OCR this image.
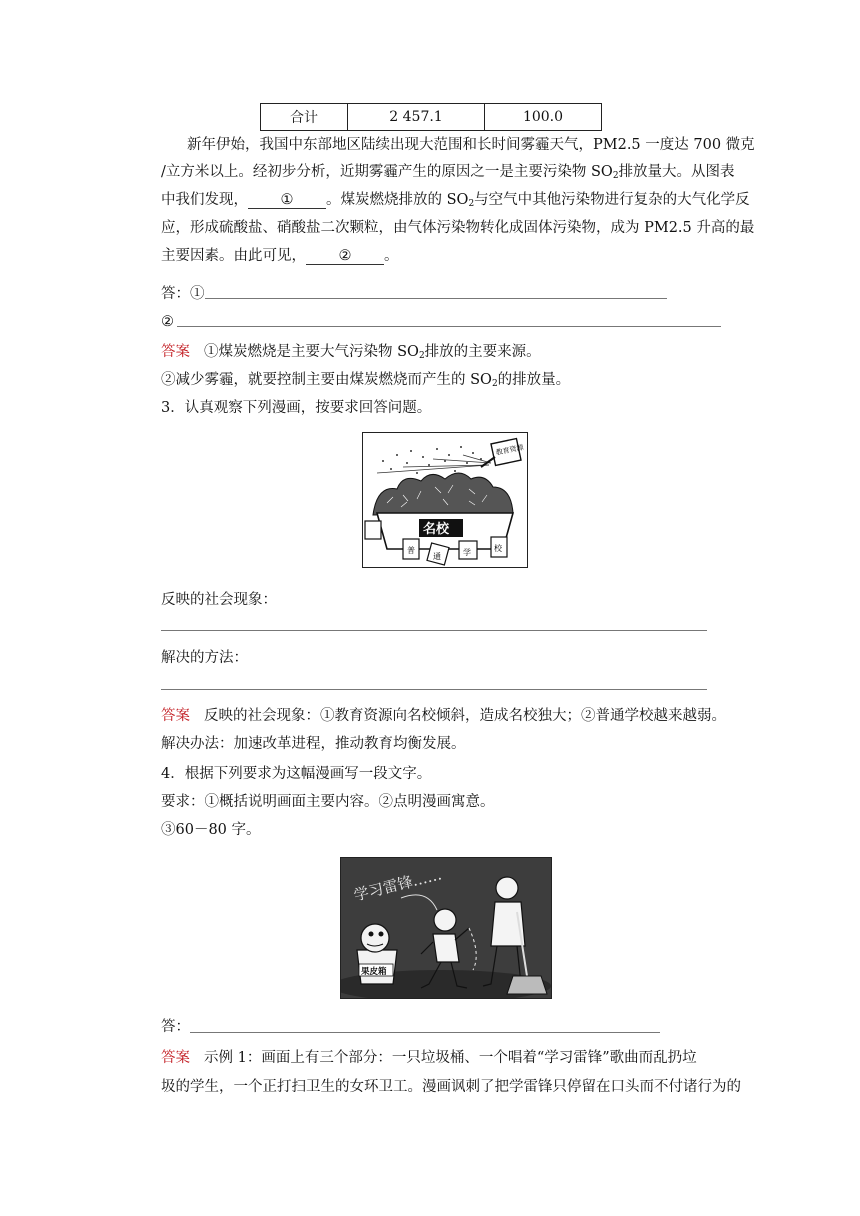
合计	2 457.1	100.0
新年伊始，我国中东部地区陆续出现大范围和长时间雾霾天气，PM2.5 一度达 700 微克
/立方米以上。经初步分析，近期雾霾产生的原因之一是主要污染物 $SO_2$排放量大。从图表
中我们发现， ① 。煤炭燃烧排放的 $SO_2$与空气中其他污染物进行复杂的大气化学反
应，形成硫酸盐、硝酸盐二次颗粒，由气体污染物转化成固体污染物，成为 PM2.5 升高的最
主要因素。由此可见， ② 。
答：①
②
答案 ①煤炭燃烧是主要大气污染物 $SO_2$排放的主要来源。
②减少雾霾，就要控制主要由煤炭燃烧而产生的 $SO_2$的排放量。
3．认真观察下列漫画，按要求回答问题。
教育资源
名校
普
通	学	校
反映的社会现象：
解决的方法：
答案 反映的社会现象：①教育资源向名校倾斜，造成名校独大；②普通学校越来越弱。
解决办法：加速改革进程，推动教育均衡发展。
4．根据下列要求为这幅漫画写一段文字。
要求：①概括说明画面主要内容。②点明漫画寓意。
③60－80 字。
学习雷锋……
果皮箱
答：
答案 示例 1：画面上有三个部分：一只垃圾桶、一个唱着“学习雷锋”歌曲而乱扔垃
圾的学生，一个正打扫卫生的女环卫工。漫画讽刺了把学雷锋只停留在口头而不付诸行为的
